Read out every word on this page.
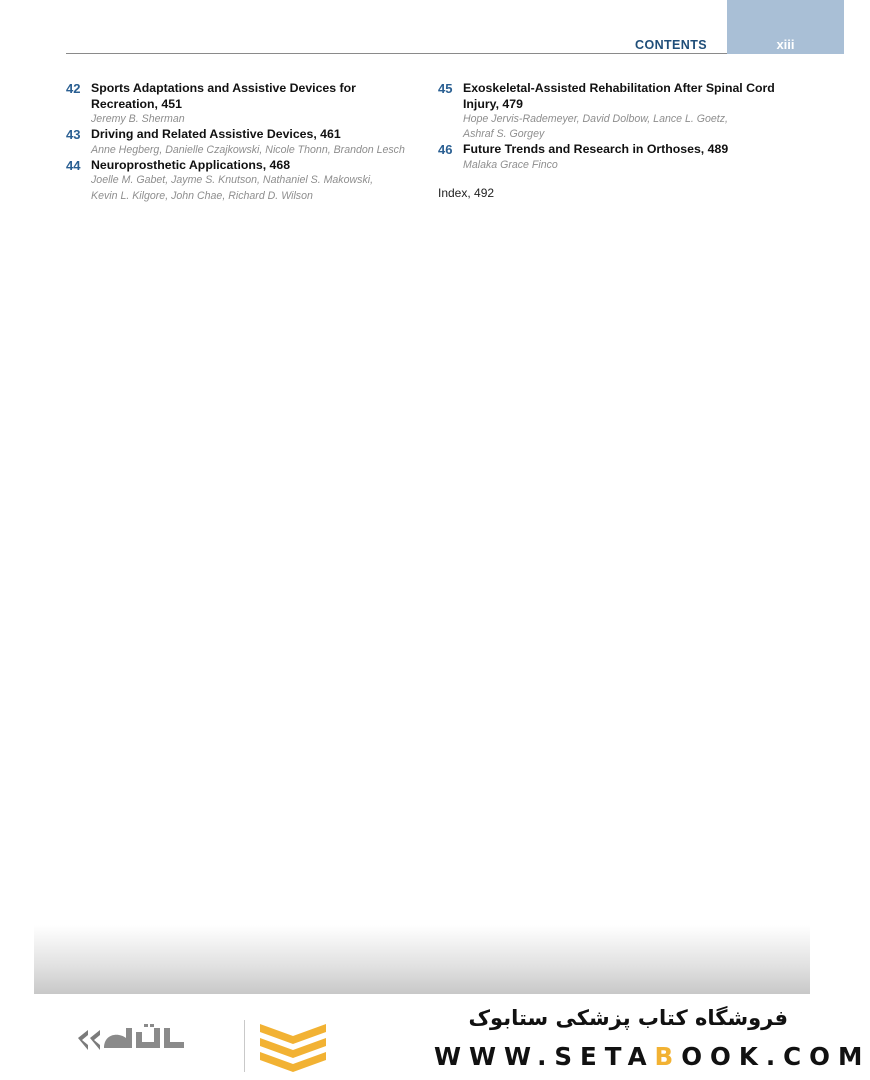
CONTENTS	xiii
42 Sports Adaptations and Assistive Devices for Recreation, 451
Jeremy B. Sherman
43 Driving and Related Assistive Devices, 461
Anne Hegberg, Danielle Czajkowski, Nicole Thonn, Brandon Lesch
44 Neuroprosthetic Applications, 468
Joelle M. Gabet, Jayme S. Knutson, Nathaniel S. Makowski,
Kevin L. Kilgore, John Chae, Richard D. Wilson
45 Exoskeletal-Assisted Rehabilitation After Spinal Cord Injury, 479
Hope Jervis-Rademeyer, David Dolbow, Lance L. Goetz,
Ashraf S. Gorgey
46 Future Trends and Research in Orthoses, 489
Malaka Grace Finco
Index, 492
فروشگاه کتاب پزشکی ستابوک
WWW.SETABOOK.COM
